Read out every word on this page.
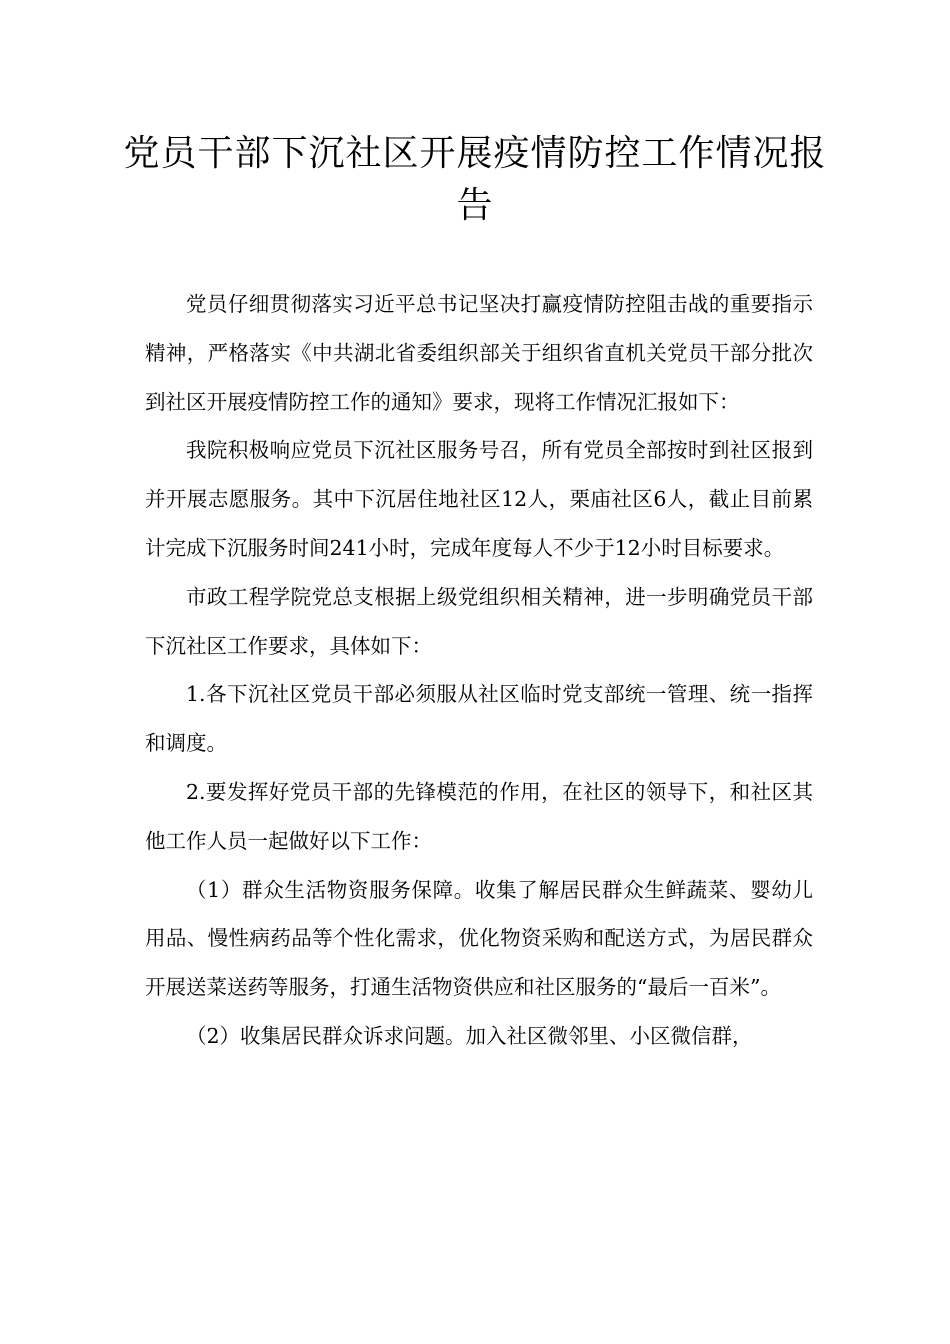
党员干部下沉社区开展疫情防控工作情况报告

党员仔细贯彻落实习近平总书记坚决打赢疫情防控阻击战的重要指示精神，严格落实《中共湖北省委组织部关于组织省直机关党员干部分批次到社区开展疫情防控工作的通知》要求，现将工作情况汇报如下：

我院积极响应党员下沉社区服务号召，所有党员全部按时到社区报到并开展志愿服务。其中下沉居住地社区12人，栗庙社区6人，截止目前累计完成下沉服务时间241小时，完成年度每人不少于12小时目标要求。

市政工程学院党总支根据上级党组织相关精神，进一步明确党员干部下沉社区工作要求，具体如下：

1.各下沉社区党员干部必须服从社区临时党支部统一管理、统一指挥和调度。

2.要发挥好党员干部的先锋模范的作用，在社区的领导下，和社区其他工作人员一起做好以下工作：

（1）群众生活物资服务保障。收集了解居民群众生鲜蔬菜、婴幼儿用品、慢性病药品等个性化需求，优化物资采购和配送方式，为居民群众开展送菜送药等服务，打通生活物资供应和社区服务的“最后一百米”。

（2）收集居民群众诉求问题。加入社区微邻里、小区微信群，
